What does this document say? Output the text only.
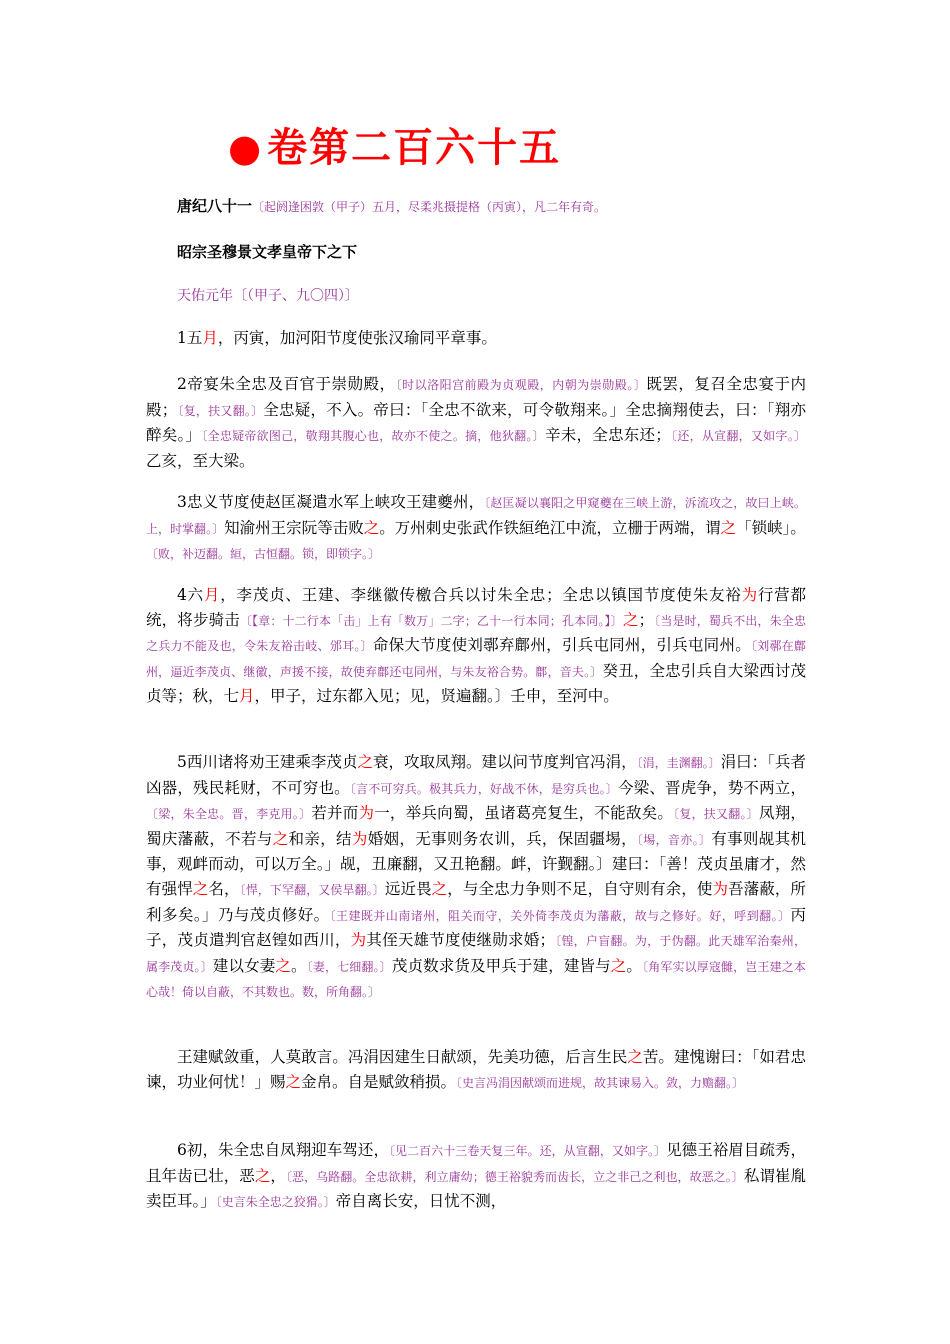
● 卷第二百六十五

唐纪八十一〔起阏逢困敦（甲子）五月，尽柔兆摄提格（丙寅），凡二年有奇。

昭宗圣穆景文孝皇帝下之下

天佑元年〔（甲子、九〇四）〕

1五月，丙寅，加河阳节度使张汉瑜同平章事。

2帝宴朱全忠及百官于崇勋殿，〔时以洛阳宫前殿为贞观殿，内朝为崇勋殿。〕既罢，复召全忠宴于内殿；〔复，扶又翻。〕全忠疑，不入。帝曰：「全忠不欲来，可令敬翔来。」全忠摘翔使去，曰：「翔亦醉矣。」〔全忠疑帝欲图己，敬翔其腹心也，故亦不使之。摘，他狄翻。〕辛未，全忠东还；〔还，从宣翻，又如字。〕乙亥，至大梁。

3忠义节度使赵匡凝遣水军上峡攻王建夔州，〔赵匡凝以襄阳之甲窥夔在三峡上游，泝流攻之，故曰上峡。上，时掌翻。〕知渝州王宗阮等击败之。万州刺史张武作铁絙绝江中流，立栅于两端，谓之「锁峡」。〔败，补迈翻。絙，古恒翻。锁，即锁字。〕

4六月，李茂贞、王建、李继徽传檄合兵以讨朱全忠；全忠以镇国节度使朱友裕为行营都统，将步骑击〔【章：十二行本「击」上有「数万」二字；乙十一行本同；孔本同。】〕之；〔当是时，蜀兵不出，朱全忠之兵力不能及也，令朱友裕击岐、邠耳。〕命保大节度使刘鄩弃鄜州，引兵屯同州，引兵屯同州。〔刘鄩在鄜州，逼近李茂贞、继徽，声援不接，故使弃鄜还屯同州，与朱友裕合势。鄜，音夫。〕癸丑，全忠引兵自大梁西讨茂贞等；秋，七月，甲子，过东都入见；见，贤遍翻。〕壬申，至河中。

5西川诸将劝王建乘李茂贞之衰，攻取凤翔。建以问节度判官冯涓，〔涓，圭渊翻。〕涓曰：「兵者凶器，残民耗财，不可穷也。〔言不可穷兵。极其兵力，好战不休，是穷兵也。〕今梁、晋虎争，势不两立，〔梁，朱全忠。晋，李克用。〕若并而为一，举兵向蜀，虽诸葛亮复生，不能敌矣。〔复，扶又翻。〕凤翔，蜀庆藩蔽，不若与之和亲，结为婚姻，无事则务农训，兵，保固疆埸，〔埸，音亦。〕有事则觇其机事，观衅而动，可以万全。」觇，丑廉翻，又丑艳翻。衅，许觐翻。〕建曰：「善！茂贞虽庸才，然有强悍之名，〔悍，下罕翻，又侯旱翻。〕远近畏之，与全忠力争则不足，自守则有余，使为吾藩蔽，所利多矣。」乃与茂贞修好。〔王建既并山南诸州，阻关而守，关外倚李茂贞为藩蔽，故与之修好。好，呼到翻。〕丙子，茂贞遣判官赵锽如西川，为其侄天雄节度使继勋求婚；〔锽，户盲翻。为，于伪翻。此天雄军治秦州，属李茂贞。〕建以女妻之。〔妻，七细翻。〕茂贞数求货及甲兵于建，建皆与之。〔角军实以厚寇雠，岂王建之本心哉！倚以自蔽，不其数也。数，所角翻。〕

王建赋敛重，人莫敢言。冯涓因建生日献颂，先美功德，后言生民之苦。建愧谢曰：「如君忠谏，功业何忧！」赐之金帛。自是赋敛稍损。〔史言冯涓因献颂而进规，故其谏易入。敛，力赡翻。〕

6初，朱全忠自凤翔迎车驾还，〔见二百六十三卷天复三年。还，从宣翻，又如字。〕见德王裕眉目疏秀，且年齿已壮，恶之，〔恶，乌路翻。全忠欲耕，利立庸幼；德王裕貌秀而齿长，立之非己之利也，故恶之。〕私谓崔胤卖臣耳。」〔史言朱全忠之狡猾。〕帝自离长安，日忧不测，
